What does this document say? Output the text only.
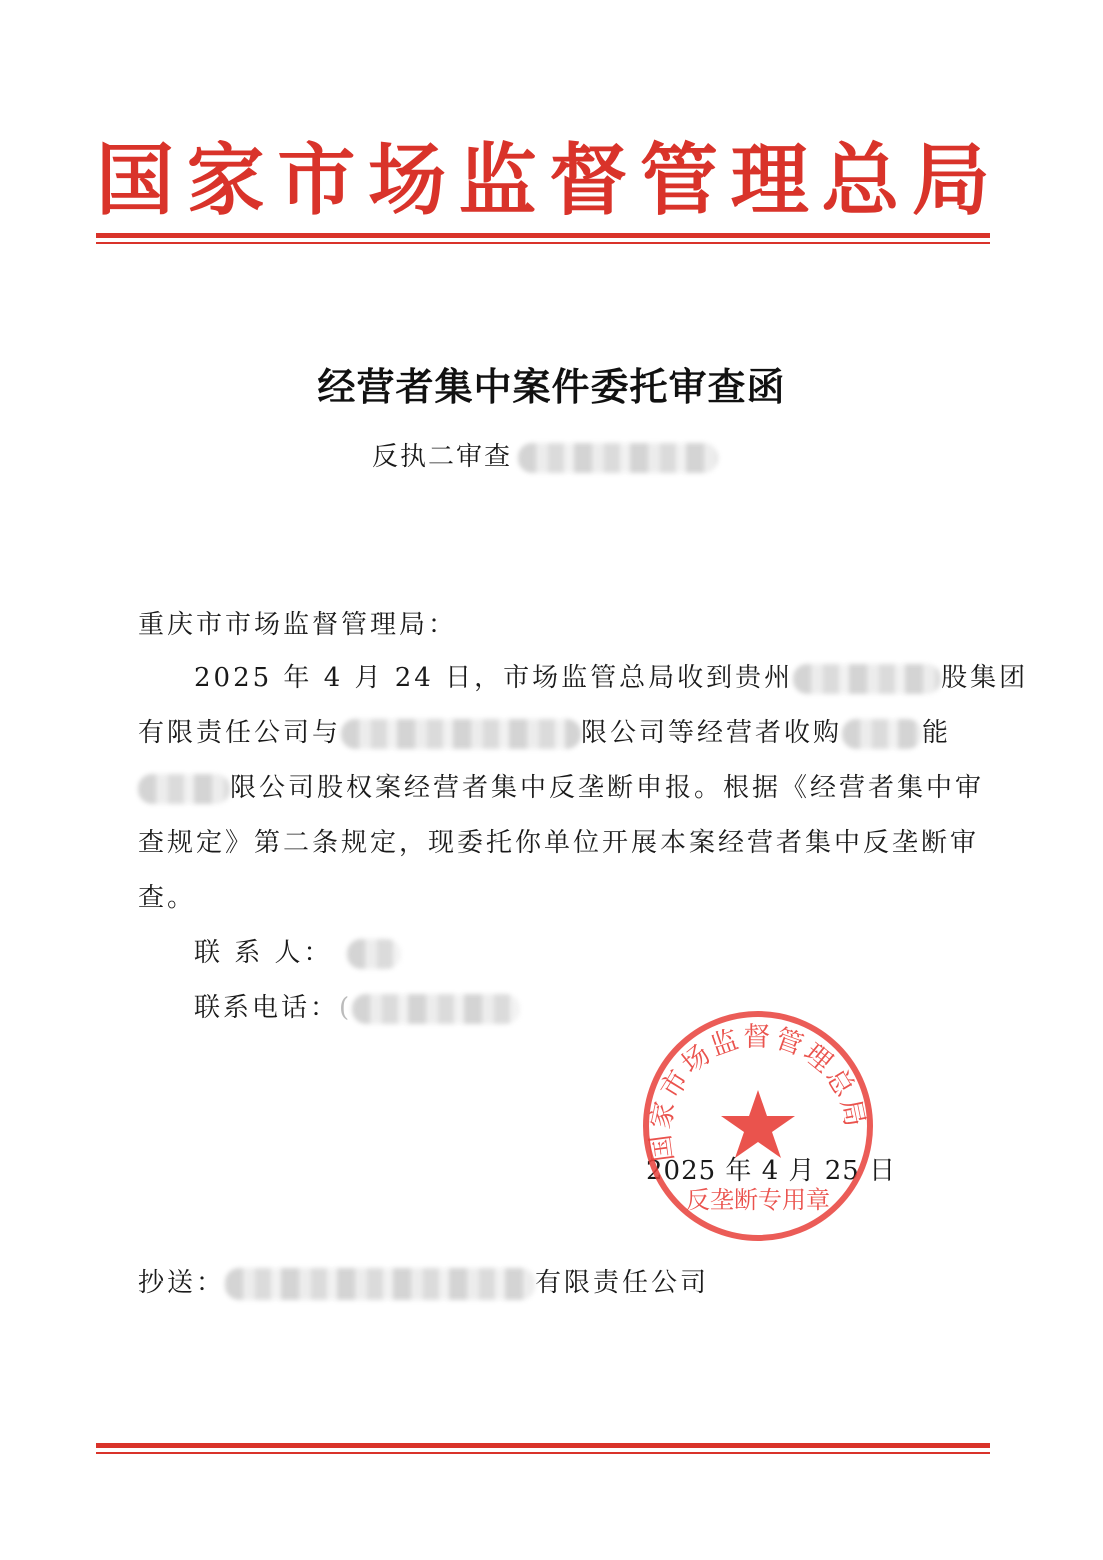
国 家 市 场 监 督 管 理 总 局
经营者集中案件委托审查函
反执二审查
重庆市市场监督管理局：
2025 年 4 月 24 日，市场监管总局收到贵州	股集团
有限责任公司与	限公司等经营者收购	能
限公司股权案经营者集中反垄断申报。根据《经营者集中审
查规定》第二条规定，现委托你单位开展本案经营者集中反垄断审
查。
联 系 人：
联系电话：(
2025 年 4 月 25 日
国家市场监督管理总局
反垄断专用章
抄送：	有限责任公司
